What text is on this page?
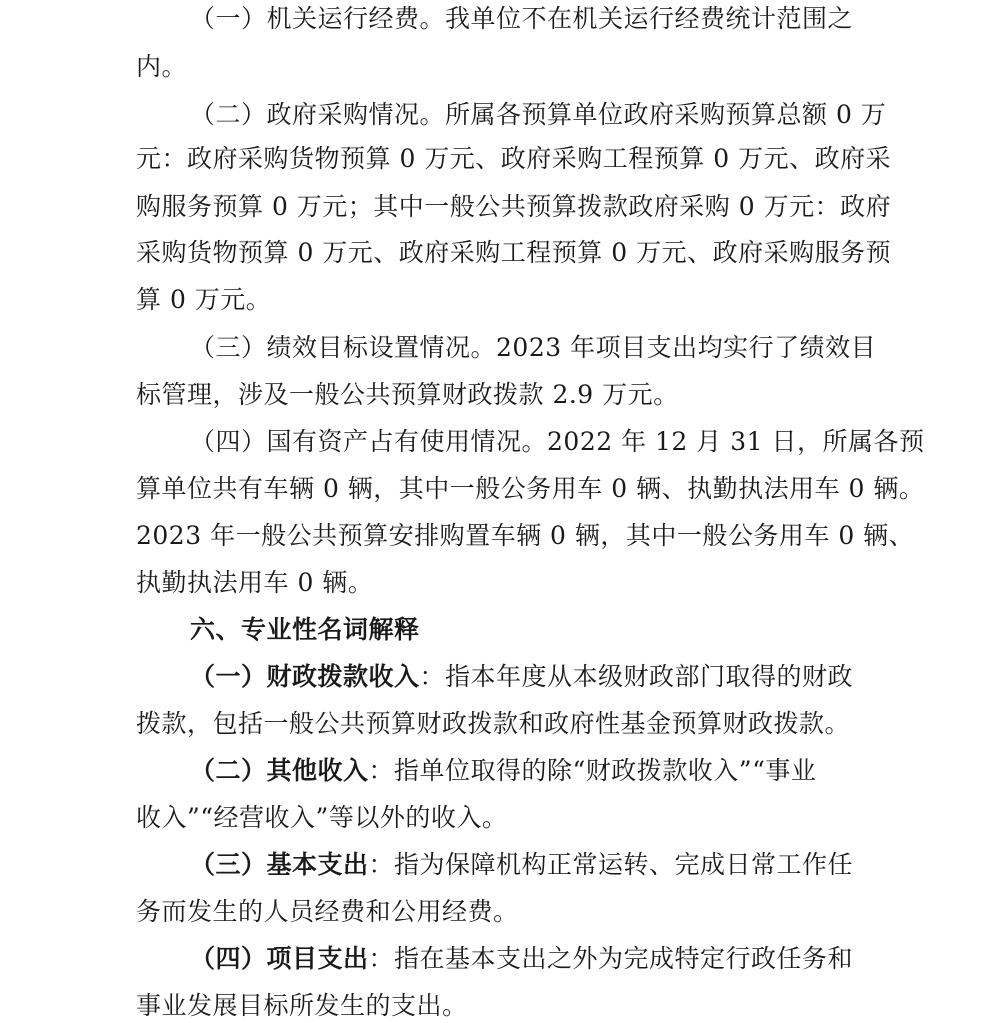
（一）机关运行经费。我单位不在机关运行经费统计范围之
内。
（二）政府采购情况。所属各预算单位政府采购预算总额 0 万
元：政府采购货物预算 0 万元、政府采购工程预算 0 万元、政府采
购服务预算 0 万元；其中一般公共预算拨款政府采购 0 万元：政府
采购货物预算 0 万元、政府采购工程预算 0 万元、政府采购服务预
算 0 万元。
（三）绩效目标设置情况。2023 年项目支出均实行了绩效目
标管理，涉及一般公共预算财政拨款 2.9 万元。
（四）国有资产占有使用情况。2022 年 12 月 31 日，所属各预
算单位共有车辆 0 辆，其中一般公务用车 0 辆、执勤执法用车 0 辆。
2023 年一般公共预算安排购置车辆 0 辆，其中一般公务用车 0 辆、
执勤执法用车 0 辆。
六、专业性名词解释
（一）财政拨款收入：指本年度从本级财政部门取得的财政
拨款，包括一般公共预算财政拨款和政府性基金预算财政拨款。
（二）其他收入：指单位取得的除“财政拨款收入”“事业
收入”“经营收入”等以外的收入。
（三）基本支出：指为保障机构正常运转、完成日常工作任
务而发生的人员经费和公用经费。
（四）项目支出：指在基本支出之外为完成特定行政任务和
事业发展目标所发生的支出。
